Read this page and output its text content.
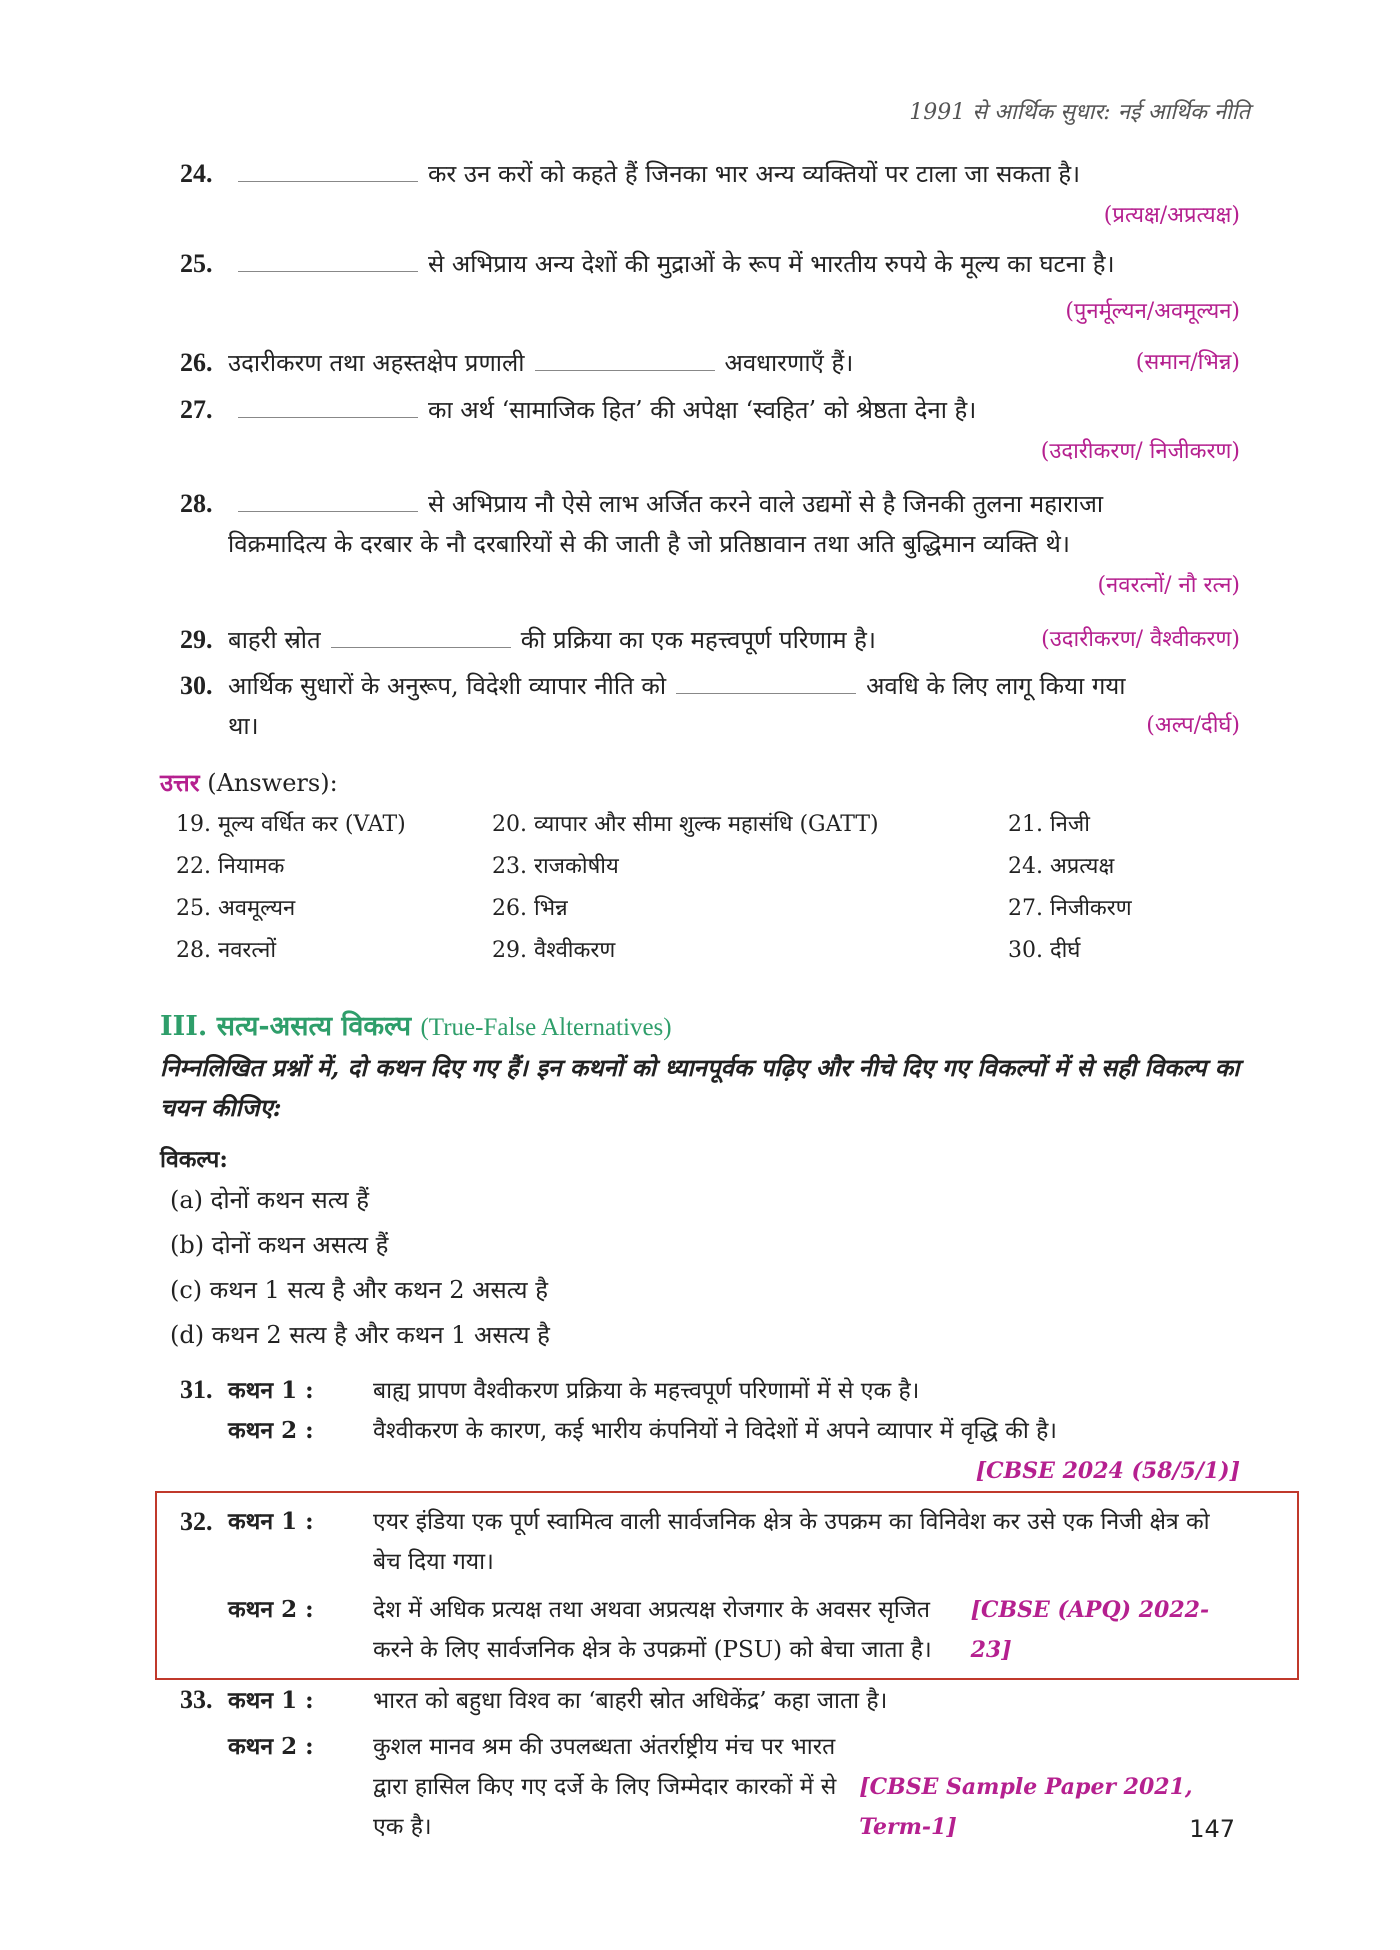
1991 से आर्थिक सुधार: नई आर्थिक नीति
24.	कर उन करों को कहते हैं जिनका भार अन्य व्यक्तियों पर टाला जा सकता है।
(प्रत्यक्ष/अप्रत्यक्ष)
25.	से अभिप्राय अन्य देशों की मुद्राओं के रूप में भारतीय रुपये के मूल्य का घटना है।
(पुनर्मूल्यन/अवमूल्यन)
(समान/भिन्न)
26. उदारीकरण तथा अहस्तक्षेप प्रणाली	अवधारणाएँ हैं।
27.	का अर्थ ‘सामाजिक हित’ की अपेक्षा ‘स्वहित’ को श्रेष्ठता देना है।
(उदारीकरण/ निजीकरण)
28.	से अभिप्राय नौ ऐसे लाभ अर्जित करने वाले उद्यमों से है जिनकी तुलना महाराजा
विक्रमादित्य के दरबार के नौ दरबारियों से की जाती है जो प्रतिष्ठावान तथा अति बुद्धिमान व्यक्ति थे।
(नवरत्नों/ नौ रत्न)
(उदारीकरण/ वैश्वीकरण)
29. बाहरी स्रोत	की प्रक्रिया का एक महत्त्वपूर्ण परिणाम है।
30. आर्थिक सुधारों के अनुरूप, विदेशी व्यापार नीति को	अवधि के लिए लागू किया गया
(अल्प/दीर्घ)
था।
उत्तर (Answers):
19. मूल्य वर्धित कर (VAT)	20. व्यापार और सीमा शुल्क महासंधि (GATT)	21. निजी
22. नियामक	23. राजकोषीय	24. अप्रत्यक्ष
25. अवमूल्यन	26. भिन्न	27. निजीकरण
28. नवरत्नों	29. वैश्वीकरण	30. दीर्घ
III. सत्य-असत्य विकल्प (True-False Alternatives)
निम्नलिखित प्रश्नों में, दो कथन दिए गए हैं। इन कथनों को ध्यानपूर्वक पढ़िए और नीचे दिए गए विकल्पों में से सही विकल्प का चयन कीजिए:
विकल्प:
(a) दोनों कथन सत्य हैं
(b) दोनों कथन असत्य हैं
(c) कथन 1 सत्य है और कथन 2 असत्य है
(d) कथन 2 सत्य है और कथन 1 असत्य है
31. कथन 1 :	बाह्य प्रापण वैश्वीकरण प्रक्रिया के महत्त्वपूर्ण परिणामों में से एक है।
कथन 2 :	वैश्वीकरण के कारण, कई भारीय कंपनियों ने विदेशों में अपने व्यापार में वृद्धि की है।
[CBSE 2024 (58/5/1)]
32. कथन 1 :	एयर इंडिया एक पूर्ण स्वामित्व वाली सार्वजनिक क्षेत्र के उपक्रम का विनिवेश कर उसे एक निजी क्षेत्र को बेच दिया गया।
कथन 2 :	देश में अधिक प्रत्यक्ष तथा अथवा अप्रत्यक्ष रोजगार के अवसर सृजित करने के लिए सार्वजनिक क्षेत्र के उपक्रमों (PSU) को बेचा जाता है।
[CBSE (APQ) 2022-23]
33. कथन 1 :	भारत को बहुधा विश्व का ‘बाहरी स्रोत अधिकेंद्र’ कहा जाता है।
कथन 2 :	कुशल मानव श्रम की उपलब्धता अंतर्राष्ट्रीय मंच पर भारत द्वारा हासिल किए गए दर्जे के लिए जिम्मेदार कारकों में से एक है।
[CBSE Sample Paper 2021, Term-1]	147
